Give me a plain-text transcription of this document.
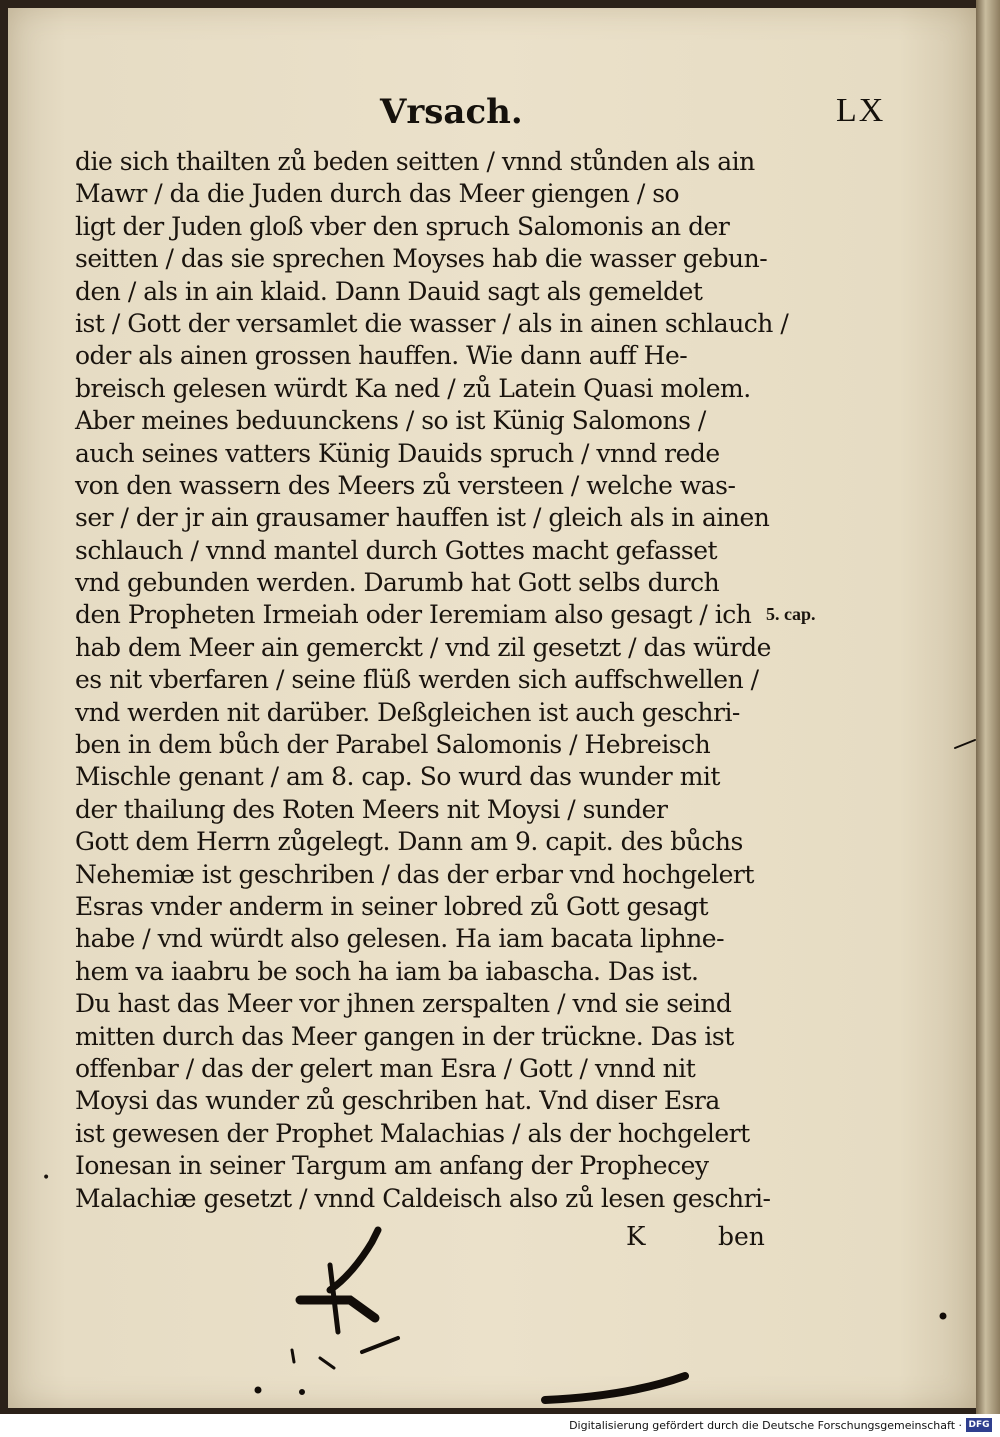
Vrsach.	LX
die sich thailten zů beden seitten / vnnd stůnden als ain
Mawr / da die Juden durch das Meer giengen / so
ligt der Juden gloß vber den spruch Salomonis an der
seitten / das sie sprechen Moyses hab die wasser gebun-
den / als in ain klaid. Dann Dauid sagt als gemeldet
ist / Gott der versamlet die wasser / als in ainen schlauch /
oder als ainen grossen hauffen. Wie dann auff He-
breisch gelesen würdt Ka ned / zů Latein Quasi molem.
Aber meines beduunckens / so ist Künig Salomons /
auch seines vatters Künig Dauids spruch / vnnd rede
von den wassern des Meers zů versteen / welche was-
ser / der jr ain grausamer hauffen ist / gleich als in ainen
schlauch / vnnd mantel durch Gottes macht gefasset
vnd gebunden werden. Darumb hat Gott selbs durch
den Propheten Irmeiah oder Ieremiam also gesagt / ich
hab dem Meer ain gemerckt / vnd zil gesetzt / das würde
es nit vberfaren / seine flüß werden sich auffschwellen /
vnd werden nit darüber. Deßgleichen ist auch geschri-
ben in dem bůch der Parabel Salomonis / Hebreisch
Mischle genant / am 8. cap. So wurd das wunder mit
der thailung des Roten Meers nit Moysi / sunder
Gott dem Herrn zůgelegt. Dann am 9. capit. des bůchs
Nehemiæ ist geschriben / das der erbar vnd hochgelert
Esras vnder anderm in seiner lobred zů Gott gesagt
habe / vnd würdt also gelesen. Ha iam bacata liphne-
hem va iaabru be soch ha iam ba iabascha. Das ist.
Du hast das Meer vor jhnen zerspalten / vnd sie seind
mitten durch das Meer gangen in der trückne. Das ist
offenbar / das der gelert man Esra / Gott / vnnd nit
Moysi das wunder zů geschriben hat. Vnd diser Esra
ist gewesen der Prophet Malachias / als der hochgelert
Ionesan in seiner Targum am anfang der Prophecey
Malachiæ gesetzt / vnnd Caldeisch also zů lesen geschri-
5. cap.
•
K	ben
Digitalisierung gefördert durch die Deutsche Forschungsgemeinschaft · DFG
